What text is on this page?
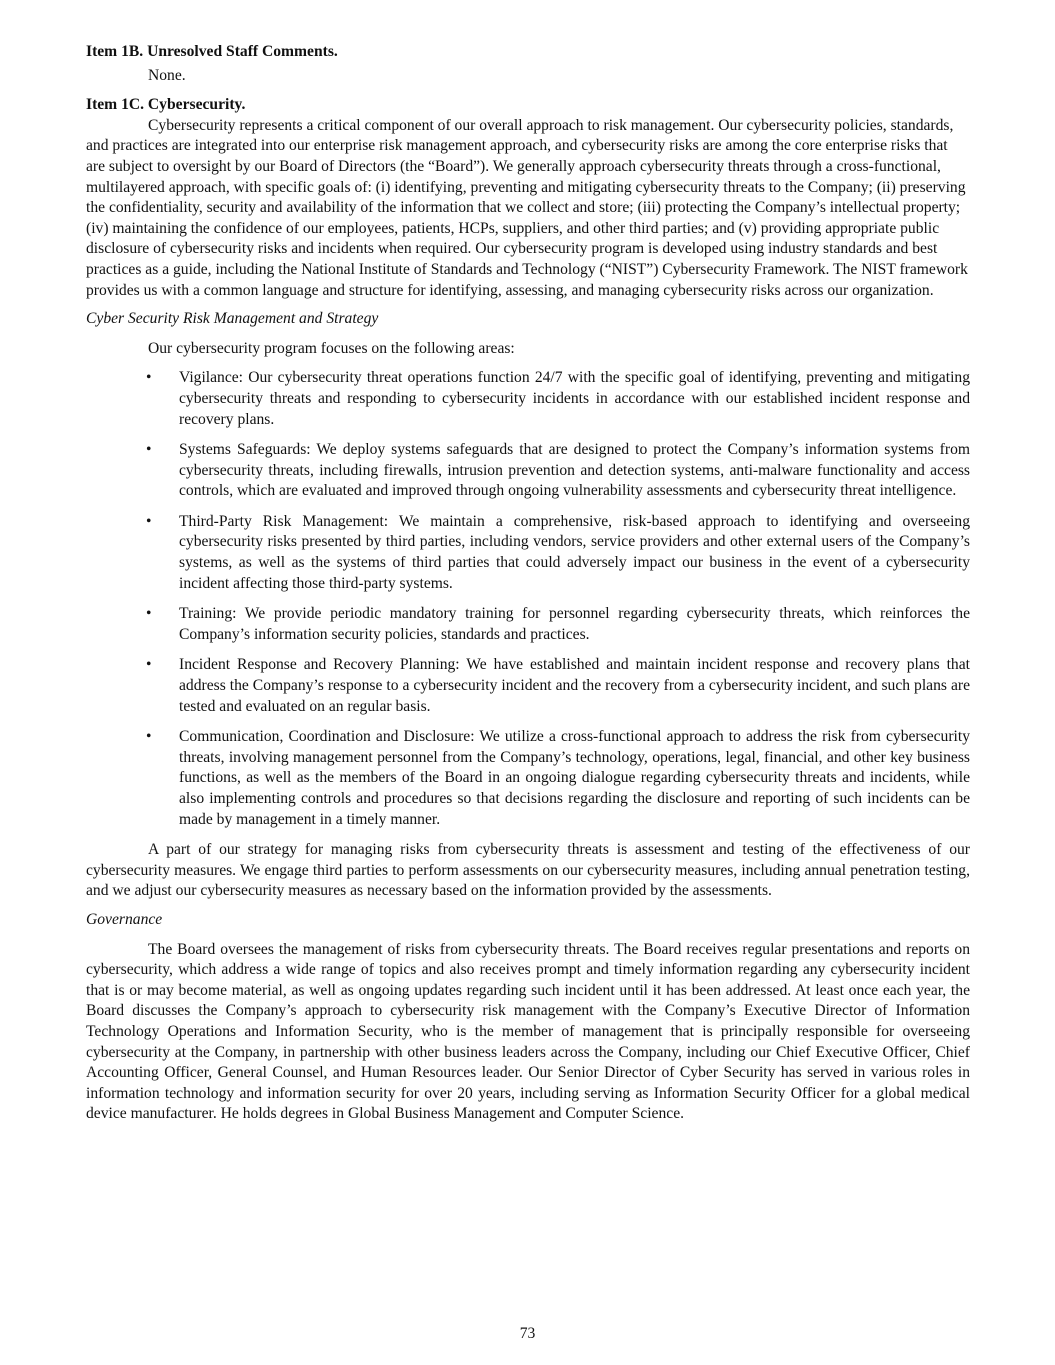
Item 1B. Unresolved Staff Comments.

None.

Item 1C. Cybersecurity.

Cybersecurity represents a critical component of our overall approach to risk management. Our cybersecurity policies, standards, and practices are integrated into our enterprise risk management approach, and cybersecurity risks are among the core enterprise risks that are subject to oversight by our Board of Directors (the “Board”). We generally approach cybersecurity threats through a cross-functional, multilayered approach, with specific goals of: (i) identifying, preventing and mitigating cybersecurity threats to the Company; (ii) preserving the confidentiality, security and availability of the information that we collect and store; (iii) protecting the Company’s intellectual property; (iv) maintaining the confidence of our employees, patients, HCPs, suppliers, and other third parties; and (v) providing appropriate public disclosure of cybersecurity risks and incidents when required. Our cybersecurity program is developed using industry standards and best practices as a guide, including the National Institute of Standards and Technology (“NIST”) Cybersecurity Framework. The NIST framework provides us with a common language and structure for identifying, assessing, and managing cybersecurity risks across our organization.

Cyber Security Risk Management and Strategy

Our cybersecurity program focuses on the following areas:

• Vigilance: Our cybersecurity threat operations function 24/7 with the specific goal of identifying, preventing and mitigating cybersecurity threats and responding to cybersecurity incidents in accordance with our established incident response and recovery plans.
• Systems Safeguards: We deploy systems safeguards that are designed to protect the Company’s information systems from cybersecurity threats, including firewalls, intrusion prevention and detection systems, anti-malware functionality and access controls, which are evaluated and improved through ongoing vulnerability assessments and cybersecurity threat intelligence.
• Third-Party Risk Management: We maintain a comprehensive, risk-based approach to identifying and overseeing cybersecurity risks presented by third parties, including vendors, service providers and other external users of the Company’s systems, as well as the systems of third parties that could adversely impact our business in the event of a cybersecurity incident affecting those third-party systems.
• Training: We provide periodic mandatory training for personnel regarding cybersecurity threats, which reinforces the Company’s information security policies, standards and practices.
• Incident Response and Recovery Planning: We have established and maintain incident response and recovery plans that address the Company’s response to a cybersecurity incident and the recovery from a cybersecurity incident, and such plans are tested and evaluated on an regular basis.
• Communication, Coordination and Disclosure: We utilize a cross-functional approach to address the risk from cybersecurity threats, involving management personnel from the Company’s technology, operations, legal, financial, and other key business functions, as well as the members of the Board in an ongoing dialogue regarding cybersecurity threats and incidents, while also implementing controls and procedures so that decisions regarding the disclosure and reporting of such incidents can be made by management in a timely manner.

A part of our strategy for managing risks from cybersecurity threats is assessment and testing of the effectiveness of our cybersecurity measures. We engage third parties to perform assessments on our cybersecurity measures, including annual penetration testing, and we adjust our cybersecurity measures as necessary based on the information provided by the assessments.

Governance

The Board oversees the management of risks from cybersecurity threats. The Board receives regular presentations and reports on cybersecurity, which address a wide range of topics and also receives prompt and timely information regarding any cybersecurity incident that is or may become material, as well as ongoing updates regarding such incident until it has been addressed. At least once each year, the Board discusses the Company’s approach to cybersecurity risk management with the Company’s Executive Director of Information Technology Operations and Information Security, who is the member of management that is principally responsible for overseeing cybersecurity at the Company, in partnership with other business leaders across the Company, including our Chief Executive Officer, Chief Accounting Officer, General Counsel, and Human Resources leader. Our Senior Director of Cyber Security has served in various roles in information technology and information security for over 20 years, including serving as Information Security Officer for a global medical device manufacturer. He holds degrees in Global Business Management and Computer Science.

73
